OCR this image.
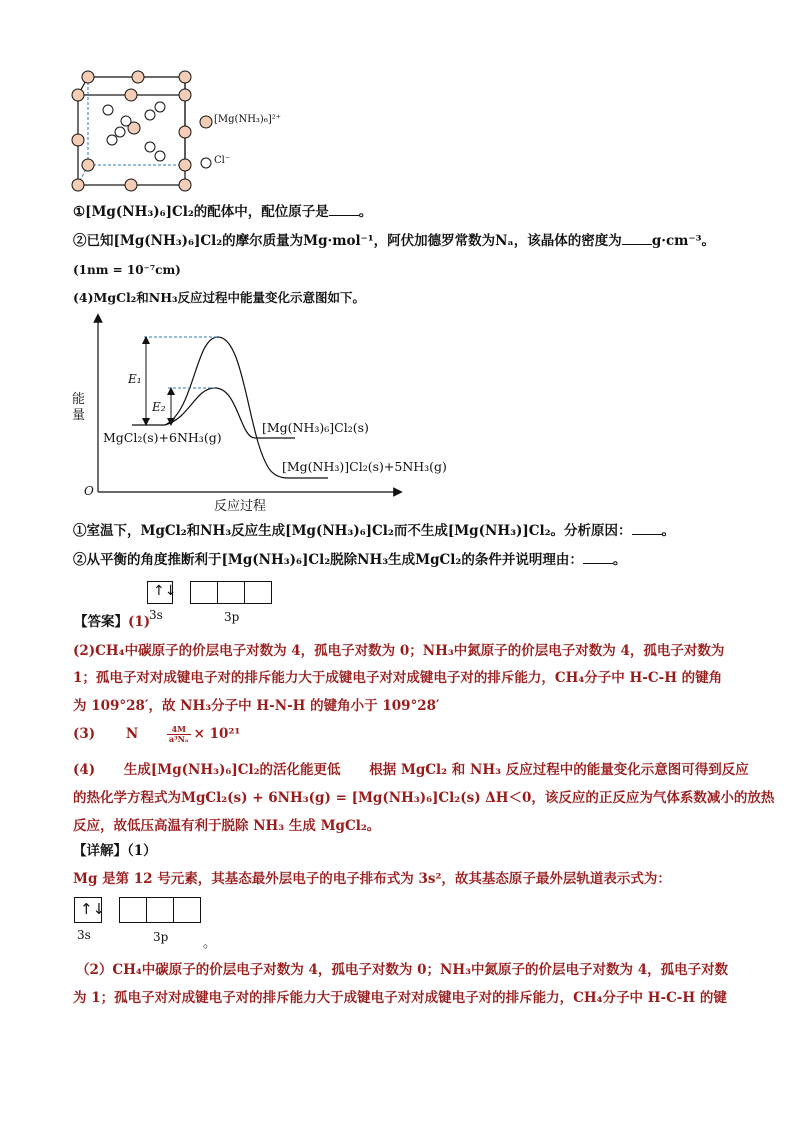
[Mg(NH₃)₆]²⁺
Cl⁻
①[Mg(NH₃)₆]Cl₂的配体中，配位原子是 。
②已知[Mg(NH₃)₆]Cl₂的摩尔质量为Mg·mol⁻¹，阿伏加德罗常数为Nₐ，该晶体的密度为 g·cm⁻³。
(1nm = 10⁻⁷cm)
(4)MgCl₂和NH₃反应过程中能量变化示意图如下。
能
量
O
反应过程
E₁
E₂
MgCl₂(s)+6NH₃(g)
[Mg(NH₃)₆]Cl₂(s)
[Mg(NH₃)]Cl₂(s)+5NH₃(g)
①室温下，MgCl₂和NH₃反应生成[Mg(NH₃)₆]Cl₂而不生成[Mg(NH₃)]Cl₂。分析原因： 。
②从平衡的角度推断利于[Mg(NH₃)₆]Cl₂脱除NH₃生成MgCl₂的条件并说明理由： 。
↑↓
3s	3p
【答案】(1)
(2)CH₄中碳原子的价层电子对数为 4，孤电子对数为 0；NH₃中氮原子的价层电子对数为 4，孤电子对数为
1；孤电子对对成键电子对的排斥能力大于成键电子对对成键电子对的排斥能力，CH₄分子中 H-C-H 的键角
为 109°28′，故 NH₃分子中 H-N-H 的键角小于 109°28′
(3) N	$\frac{4M}{\text{a³Nₐ}} \times 10^{21}$
(4) 生成[Mg(NH₃)₆]Cl₂的活化能更低 根据 MgCl₂ 和 NH₃ 反应过程中的能量变化示意图可得到反应
的热化学方程式为MgCl₂(s) + 6NH₃(g) = [Mg(NH₃)₆]Cl₂(s) ΔH＜0，该反应的正反应为气体系数减小的放热
反应，故低压高温有利于脱除 NH₃ 生成 MgCl₂。
【详解】（1）
Mg 是第 12 号元素，其基态最外层电子的电子排布式为 3s²，故其基态原子最外层轨道表示式为：
↑↓
3s	3p	。
（2）CH₄中碳原子的价层电子对数为 4，孤电子对数为 0；NH₃中氮原子的价层电子对数为 4，孤电子对数
为 1；孤电子对对成键电子对的排斥能力大于成键电子对对成键电子对的排斥能力，CH₄分子中 H-C-H 的键
